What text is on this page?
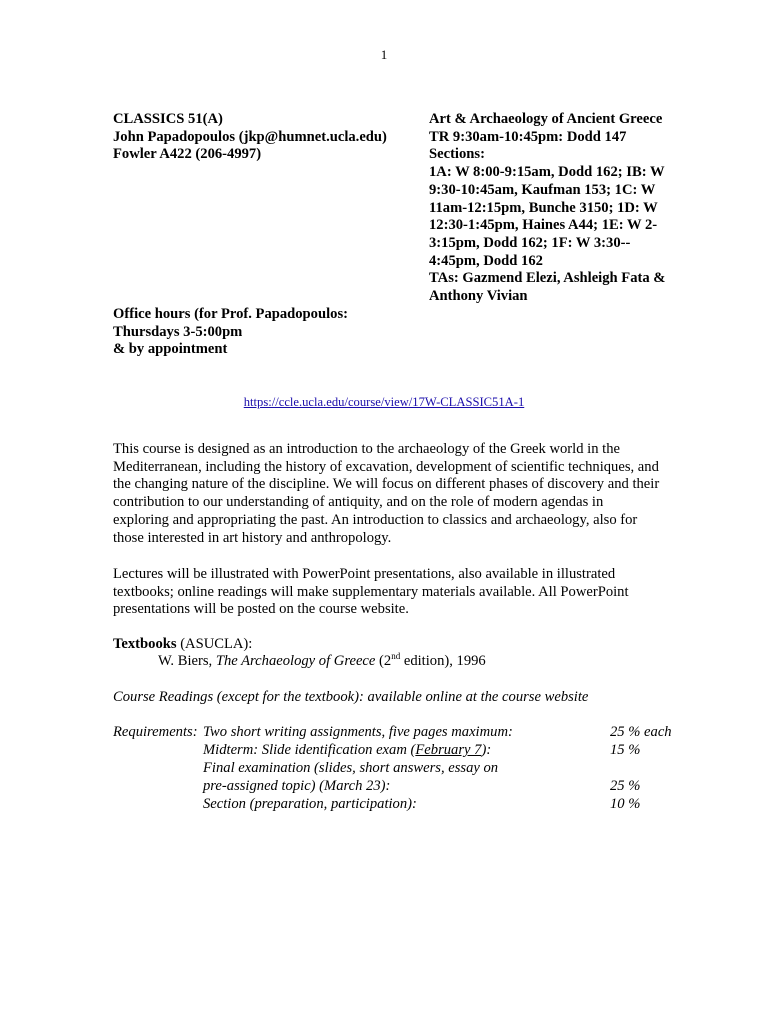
1
CLASSICS 51(A)
John Papadopoulos (jkp@humnet.ucla.edu)
Fowler A422 (206-4997)
Art & Archaeology of Ancient Greece
TR 9:30am-10:45pm: Dodd 147
Sections:
1A: W 8:00-9:15am, Dodd 162; IB: W
9:30-10:45am, Kaufman 153; 1C: W
11am-12:15pm, Bunche 3150; 1D: W
12:30-1:45pm, Haines A44; 1E: W 2-
3:15pm, Dodd 162; 1F: W 3:30--
4:45pm, Dodd 162
TAs: Gazmend Elezi, Ashleigh Fata &
Anthony Vivian
Office hours (for Prof. Papadopoulos:
Thursdays 3-5:00pm
& by appointment
https://ccle.ucla.edu/course/view/17W-CLASSIC51A-1
This course is designed as an introduction to the archaeology of the Greek world in the
Mediterranean, including the history of excavation, development of scientific techniques, and
the changing nature of the discipline. We will focus on different phases of discovery and their
contribution to our understanding of antiquity, and on the role of modern agendas in
exploring and appropriating the past. An introduction to classics and archaeology, also for
those interested in art history and anthropology.
Lectures will be illustrated with PowerPoint presentations, also available in illustrated
textbooks; online readings will make supplementary materials available. All PowerPoint
presentations will be posted on the course website.
Textbooks (ASUCLA):
W. Biers, The Archaeology of Greece (2nd edition), 1996
Course Readings (except for the textbook): available online at the course website
Requirements: Two short writing assignments, five pages maximum:	25 % each
Midterm: Slide identification exam (February 7):	15 %
Final examination (slides, short answers, essay on
pre-assigned topic) (March 23):	25 %
Section (preparation, participation):	10 %
